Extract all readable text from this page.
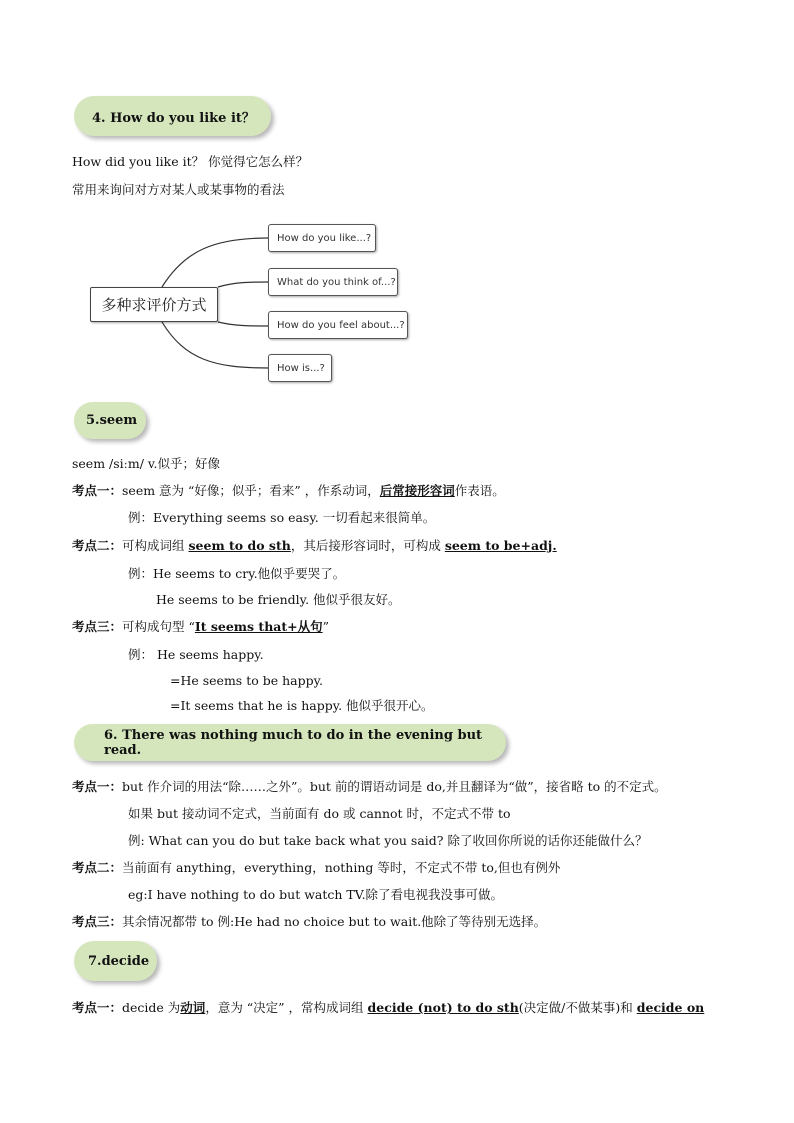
4. How do you like it？
How did you like it？ 你觉得它怎么样？
常用来询问对方对某人或某事物的看法
多种求评价方式
How do you like...?
What do you think of...?
How do you feel about...?
How is...?
5.seem
seem /siːm/ v.似乎；好像
考点一：seem 意为 “好像；似乎；看来” ，作系动词，后常接形容词作表语。
例：Everything seems so easy. 一切看起来很简单。
考点二：可构成词组 seem to do sth，其后接形容词时，可构成 seem to be+adj.
例：He seems to cry.他似乎要哭了。
He seems to be friendly. 他似乎很友好。
考点三：可构成句型 “It seems that+从句”
例： He seems happy.
=He seems to be happy.
=It seems that he is happy. 他似乎很开心。
6. There was nothing much to do in the evening but read.
考点一：but 作介词的用法“除……之外”。but 前的谓语动词是 do,并且翻译为“做”，接省略 to 的不定式。
如果 but 接动词不定式，当前面有 do 或 cannot 时，不定式不带 to
例: What can you do but take back what you said? 除了收回你所说的话你还能做什么？
考点二：当前面有 anything，everything，nothing 等时，不定式不带 to,但也有例外
eg:I have nothing to do but watch TV.除了看电视我没事可做。
考点三：其余情况都带 to 例:He had no choice but to wait.他除了等待别无选择。
7.decide
考点一：decide 为动词，意为 “决定” ，常构成词组 decide (not) to do sth(决定做/不做某事)和 decide on
